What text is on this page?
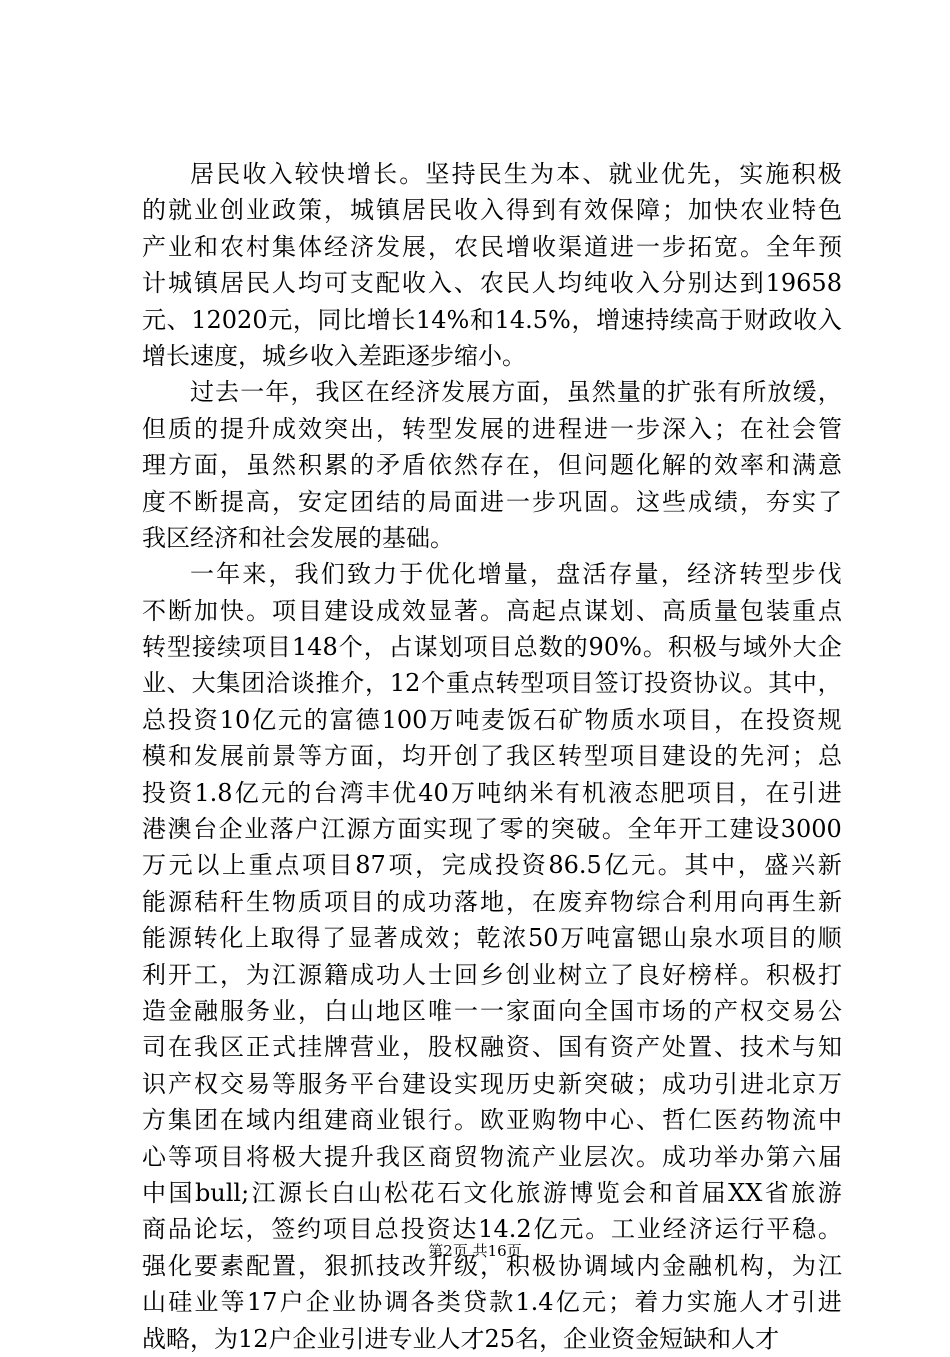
居 民 收 入 较 快 增 长 。 坚 持 民 生 为 本 、 就 业 优 先 ， 实 施 积 极
的 就 业 创 业 政 策 ， 城 镇 居 民 收 入 得 到 有 效 保 障 ； 加 快 农 业 特 色
产 业 和 农 村 集 体 经 济 发 展 ， 农 民 增 收 渠 道 进 一 步 拓 宽 。 全 年 预
计 城 镇 居 民 人 均 可 支 配 收 入 、 农 民 人 均 纯 收 入 分 别 达 到 19658
元 、 12020 元 ， 同 比 增 长 14% 和 14.5% ， 增 速 持 续 高 于 财 政 收 入
增长速度，城乡收入差距逐步缩小。
过 去 一 年 ， 我 区 在 经 济 发 展 方 面 ， 虽 然 量 的 扩 张 有 所 放 缓 ，
但 质 的 提 升 成 效 突 出 ， 转 型 发 展 的 进 程 进 一 步 深 入 ； 在 社 会 管
理 方 面 ， 虽 然 积 累 的 矛 盾 依 然 存 在 ， 但 问 题 化 解 的 效 率 和 满 意
度 不 断 提 高 ， 安 定 团 结 的 局 面 进 一 步 巩 固 。 这 些 成 绩 ， 夯 实 了
我区经济和社会发展的基础。
一 年 来 ， 我 们 致 力 于 优 化 增 量 ， 盘 活 存 量 ， 经 济 转 型 步 伐
不 断 加 快 。 项 目 建 设 成 效 显 著 。 高 起 点 谋 划 、 高 质 量 包 装 重 点
转 型 接 续 项 目 148 个 ， 占 谋 划 项 目 总 数 的 90% 。 积 极 与 域 外 大 企
业 、 大 集 团 洽 谈 推 介 ， 12 个 重 点 转 型 项 目 签 订 投 资 协 议 。 其 中 ，
总 投 资 10 亿 元 的 富 德 100 万 吨 麦 饭 石 矿 物 质 水 项 目 ， 在 投 资 规
模 和 发 展 前 景 等 方 面 ， 均 开 创 了 我 区 转 型 项 目 建 设 的 先 河 ； 总
投 资 1.8 亿 元 的 台 湾 丰 优 40 万 吨 纳 米 有 机 液 态 肥 项 目 ， 在 引 进
港 澳 台 企 业 落 户 江 源 方 面 实 现 了 零 的 突 破 。 全 年 开 工 建 设 3000
万 元 以 上 重 点 项 目 87 项 ， 完 成 投 资 86.5 亿 元 。 其 中 ， 盛 兴 新
能 源 秸 秆 生 物 质 项 目 的 成 功 落 地 ， 在 废 弃 物 综 合 利 用 向 再 生 新
能 源 转 化 上 取 得 了 显 著 成 效 ； 乾 浓 50 万 吨 富 锶 山 泉 水 项 目 的 顺
利 开 工 ， 为 江 源 籍 成 功 人 士 回 乡 创 业 树 立 了 良 好 榜 样 。 积 极 打
造 金 融 服 务 业 ， 白 山 地 区 唯 一 一 家 面 向 全 国 市 场 的 产 权 交 易 公
司 在 我 区 正 式 挂 牌 营 业 ， 股 权 融 资 、 国 有 资 产 处 置 、 技 术 与 知
识 产 权 交 易 等 服 务 平 台 建 设 实 现 历 史 新 突 破 ； 成 功 引 进 北 京 万
方 集 团 在 域 内 组 建 商 业 银 行 。 欧 亚 购 物 中 心 、 哲 仁 医 药 物 流 中
心 等 项 目 将 极 大 提 升 我 区 商 贸 物 流 产 业 层 次 。 成 功 举 办 第 六 届
中 国 bull; 江 源 长 白 山 松 花 石 文 化 旅 游 博 览 会 和 首 届 XX 省 旅 游
商 品 论 坛 ， 签 约 项 目 总 投 资 达 14.2 亿 元 。 工 业 经 济 运 行 平 稳 。
强 化 要 素 配 置 ， 狠 抓 技 改 升 级 ， 积 极 协 调 域 内 金 融 机 构 ， 为 江
山 硅 业 等 17 户 企 业 协 调 各 类 贷 款 1.4 亿 元 ； 着 力 实 施 人 才 引 进
战略，为12户企业引进专业人才25名，企业资金短缺和人才
第2页 共16页
